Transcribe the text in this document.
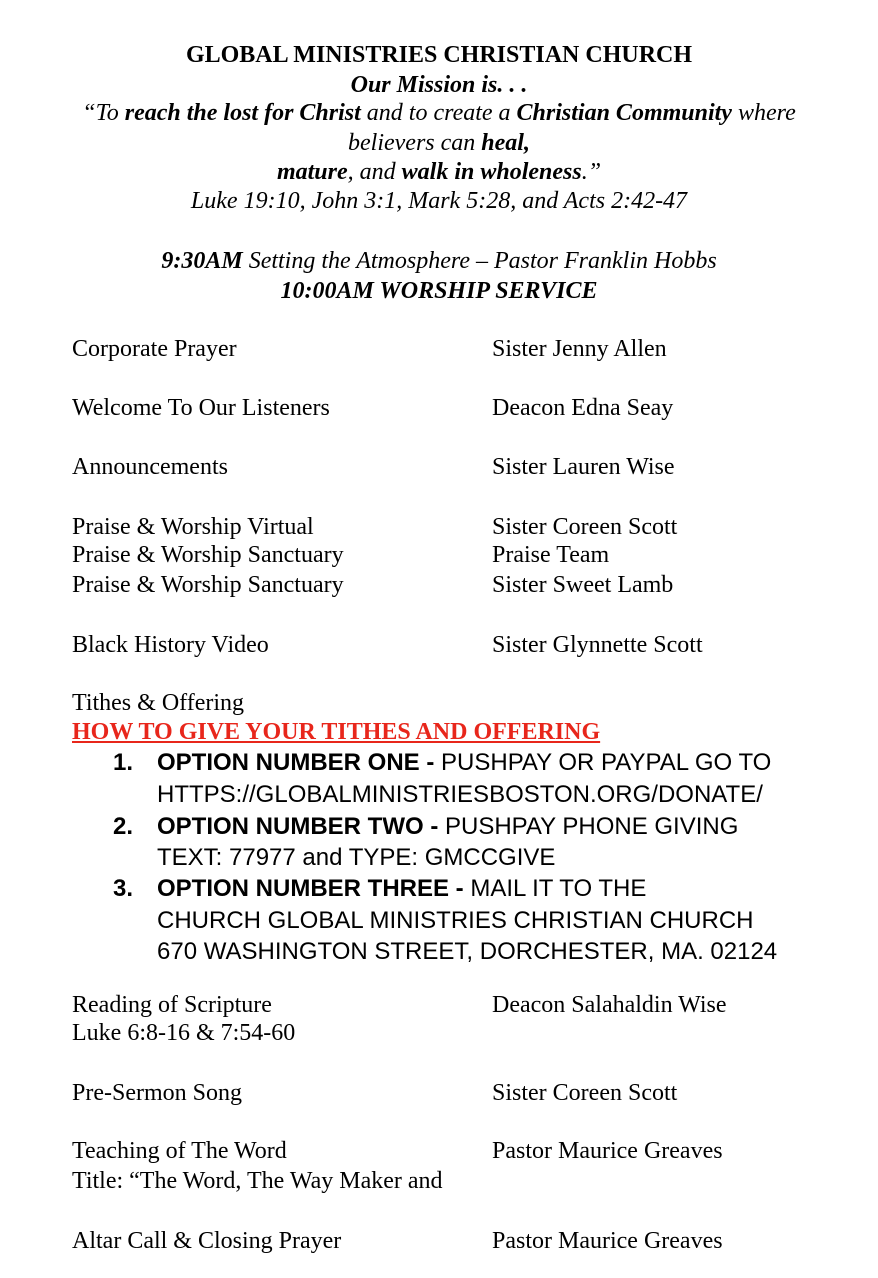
GLOBAL MINISTRIES CHRISTIAN CHURCH
Our Mission is. . .
“To reach the lost for Christ and to create a Christian Community where
believers can heal,
mature, and walk in wholeness.”
Luke 19:10, John 3:1, Mark 5:28, and Acts 2:42-47
9:30AM Setting the Atmosphere – Pastor Franklin Hobbs
10:00AM WORSHIP SERVICE
Corporate Prayer	Sister Jenny Allen
Welcome To Our Listeners	Deacon Edna Seay
Announcements	Sister Lauren Wise
Praise & Worship Virtual	Sister Coreen Scott
Praise & Worship Sanctuary	Praise Team
Praise & Worship Sanctuary	Sister Sweet Lamb
Black History Video	Sister Glynnette Scott
Tithes & Offering
HOW TO GIVE YOUR TITHES AND OFFERING
1. OPTION NUMBER ONE - PUSHPAY OR PAYPAL GO TO
HTTPS://GLOBALMINISTRIESBOSTON.ORG/DONATE/
2. OPTION NUMBER TWO - PUSHPAY PHONE GIVING
TEXT: 77977 and TYPE: GMCCGIVE
3. OPTION NUMBER THREE - MAIL IT TO THE
CHURCH GLOBAL MINISTRIES CHRISTIAN CHURCH
670 WASHINGTON STREET, DORCHESTER, MA. 02124
Reading of Scripture	Deacon Salahaldin Wise
Luke 6:8-16 & 7:54-60
Pre-Sermon Song	Sister Coreen Scott
Teaching of The Word	Pastor Maurice Greaves
Title: “The Word, The Way Maker and
Altar Call & Closing Prayer	Pastor Maurice Greaves
